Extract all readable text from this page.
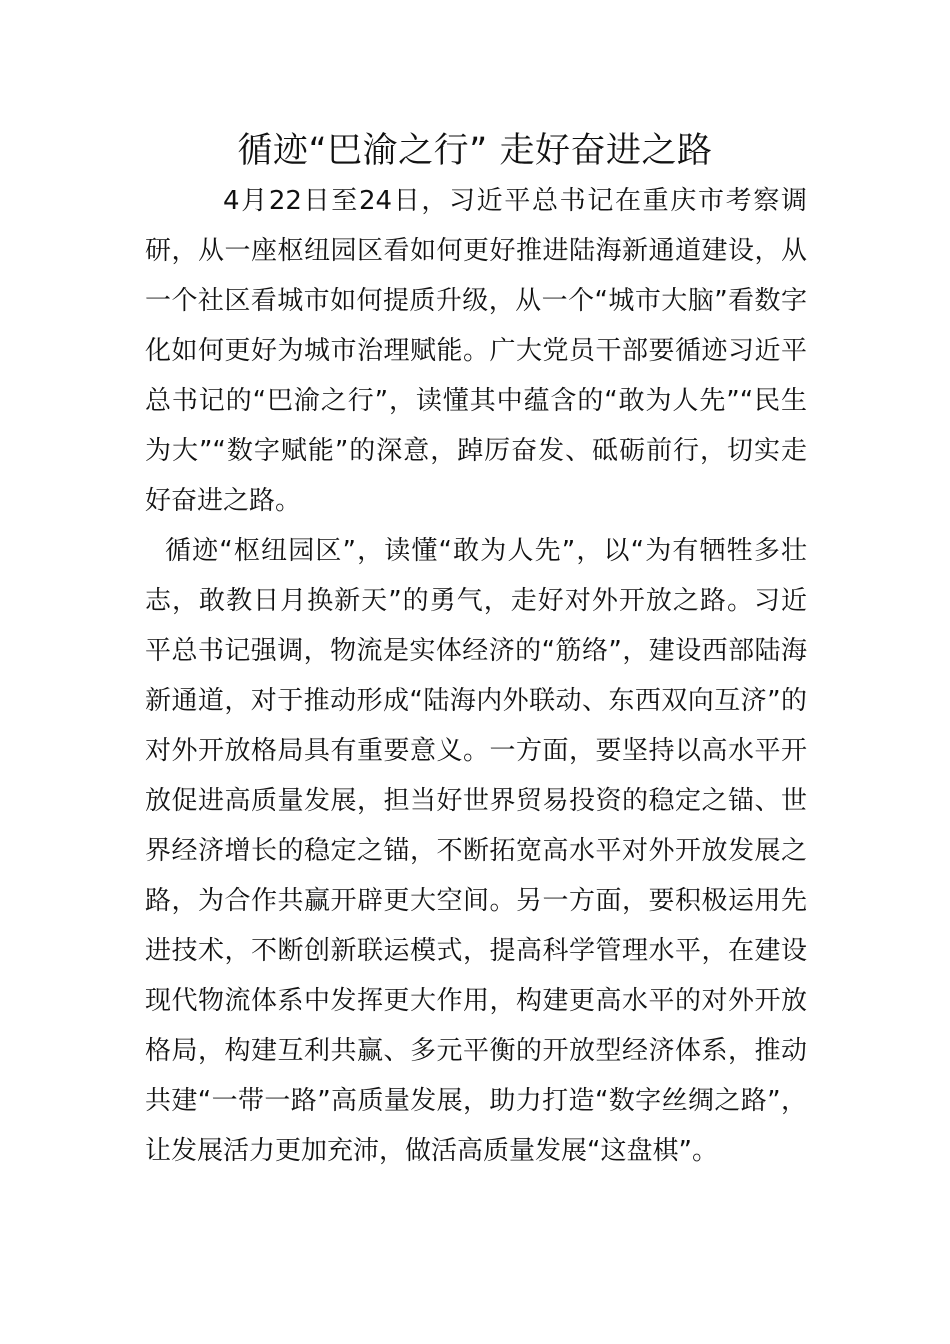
循迹“巴渝之行” 走好奋进之路

4月22日至24日，习近平总书记在重庆市考察调研，从一座枢纽园区看如何更好推进陆海新通道建设，从一个社区看城市如何提质升级，从一个“城市大脑”看数字化如何更好为城市治理赋能。广大党员干部要循迹习近平总书记的“巴渝之行”，读懂其中蕴含的“敢为人先”“民生为大”“数字赋能”的深意，踔厉奋发、砥砺前行，切实走好奋进之路。

循迹“枢纽园区”，读懂“敢为人先”，以“为有牺牲多壮志，敢教日月换新天”的勇气，走好对外开放之路。习近平总书记强调，物流是实体经济的“筋络”，建设西部陆海新通道，对于推动形成“陆海内外联动、东西双向互济”的对外开放格局具有重要意义。一方面，要坚持以高水平开放促进高质量发展，担当好世界贸易投资的稳定之锚、世界经济增长的稳定之锚，不断拓宽高水平对外开放发展之路，为合作共赢开辟更大空间。另一方面，要积极运用先进技术，不断创新联运模式，提高科学管理水平，在建设现代物流体系中发挥更大作用，构建更高水平的对外开放格局，构建互利共赢、多元平衡的开放型经济体系，推动共建“一带一路”高质量发展，助力打造“数字丝绸之路”，让发展活力更加充沛，做活高质量发展“这盘棋”。
